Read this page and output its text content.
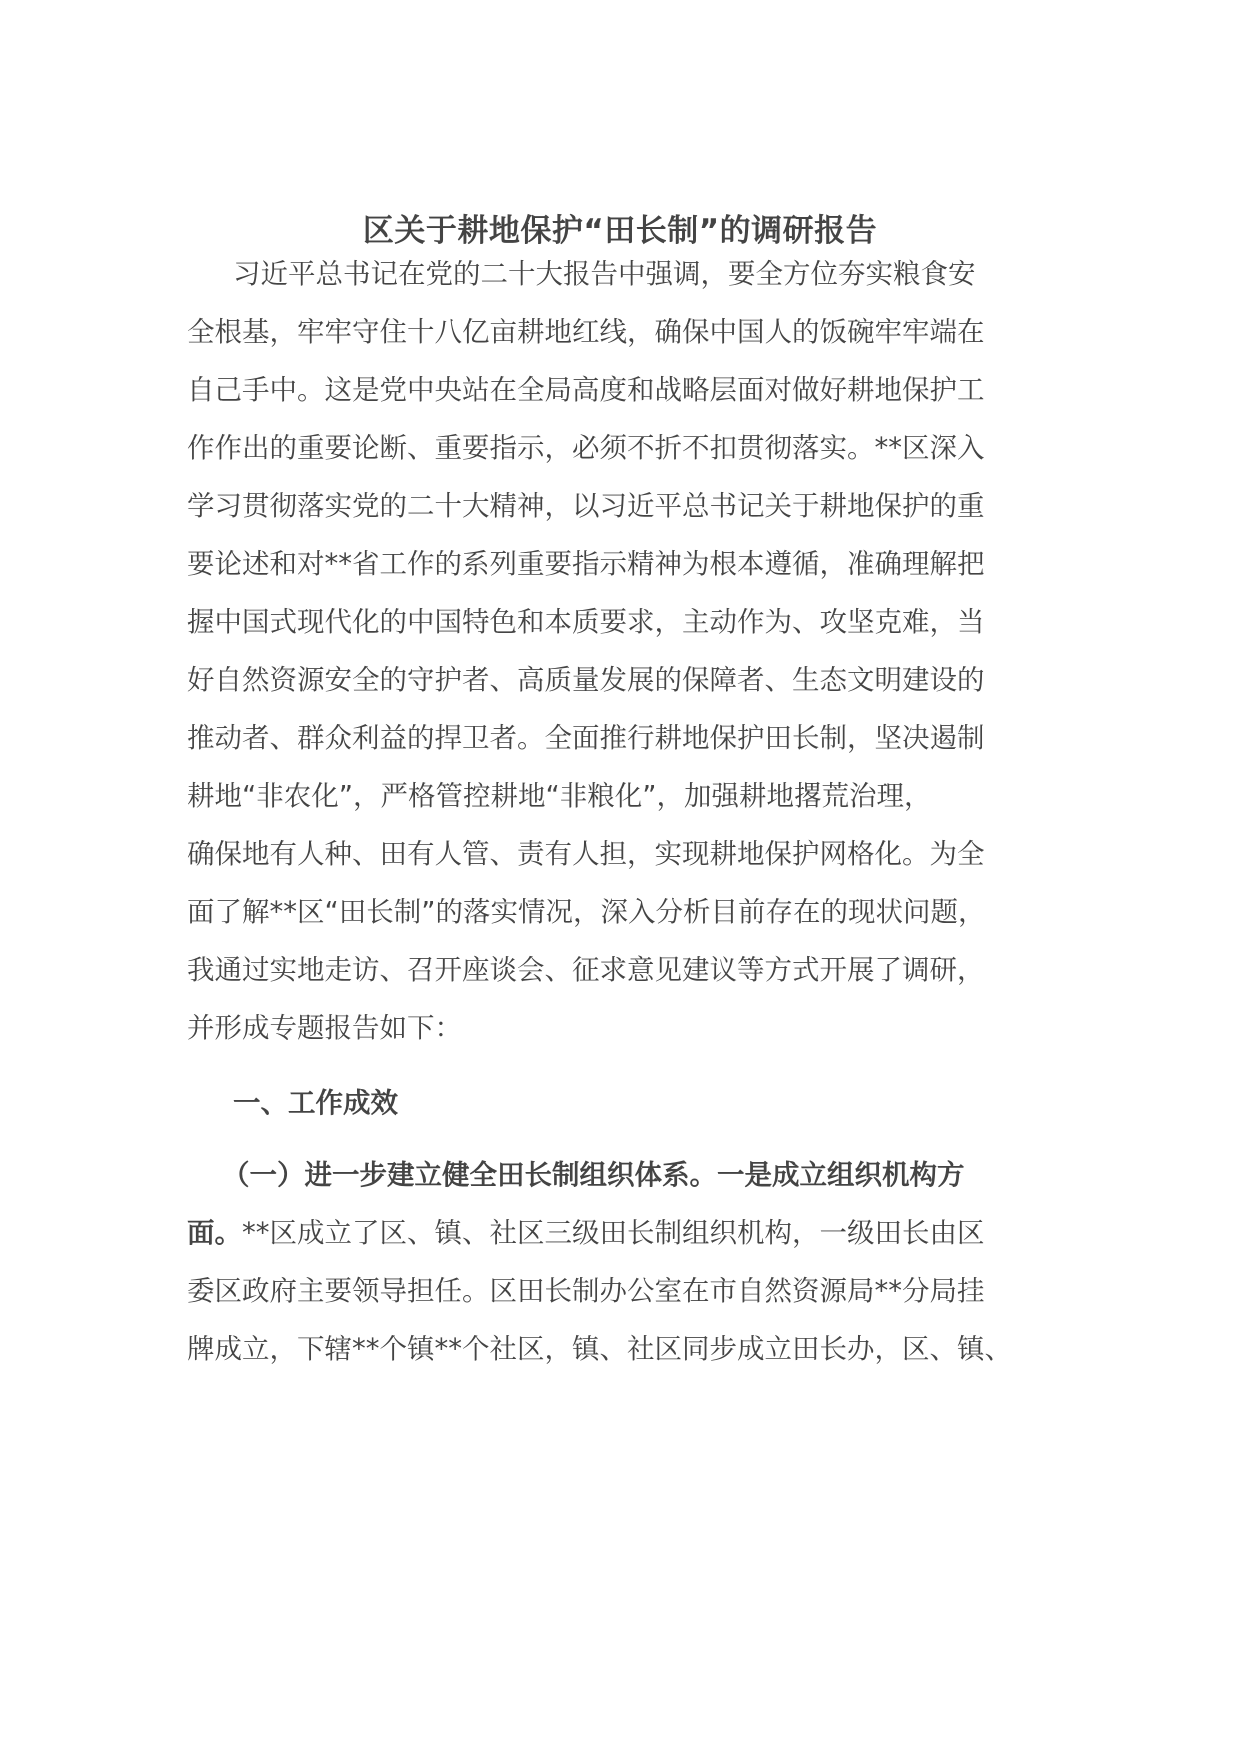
区关于耕地保护“田长制”的调研报告
习近平总书记在党的二十大报告中强调，要全方位夯实粮食安
全根基，牢牢守住十八亿亩耕地红线，确保中国人的饭碗牢牢端在
自己手中。这是党中央站在全局高度和战略层面对做好耕地保护工
作作出的重要论断、重要指示，必须不折不扣贯彻落实。**区深入
学习贯彻落实党的二十大精神，以习近平总书记关于耕地保护的重
要论述和对**省工作的系列重要指示精神为根本遵循，准确理解把
握中国式现代化的中国特色和本质要求，主动作为、攻坚克难，当
好自然资源安全的守护者、高质量发展的保障者、生态文明建设的
推动者、群众利益的捍卫者。全面推行耕地保护田长制，坚决遏制
耕地“非农化”，严格管控耕地“非粮化”，加强耕地撂荒治理，
确保地有人种、田有人管、责有人担，实现耕地保护网格化。为全
面了解**区“田长制”的落实情况，深入分析目前存在的现状问题，
我通过实地走访、召开座谈会、征求意见建议等方式开展了调研，
并形成专题报告如下：
一、工作成效
（一）进一步建立健全田长制组织体系。一是成立组织机构方
面。**区成立了区、镇、社区三级田长制组织机构，一级田长由区
委区政府主要领导担任。区田长制办公室在市自然资源局**分局挂
牌成立，下辖**个镇**个社区，镇、社区同步成立田长办，区、镇、
